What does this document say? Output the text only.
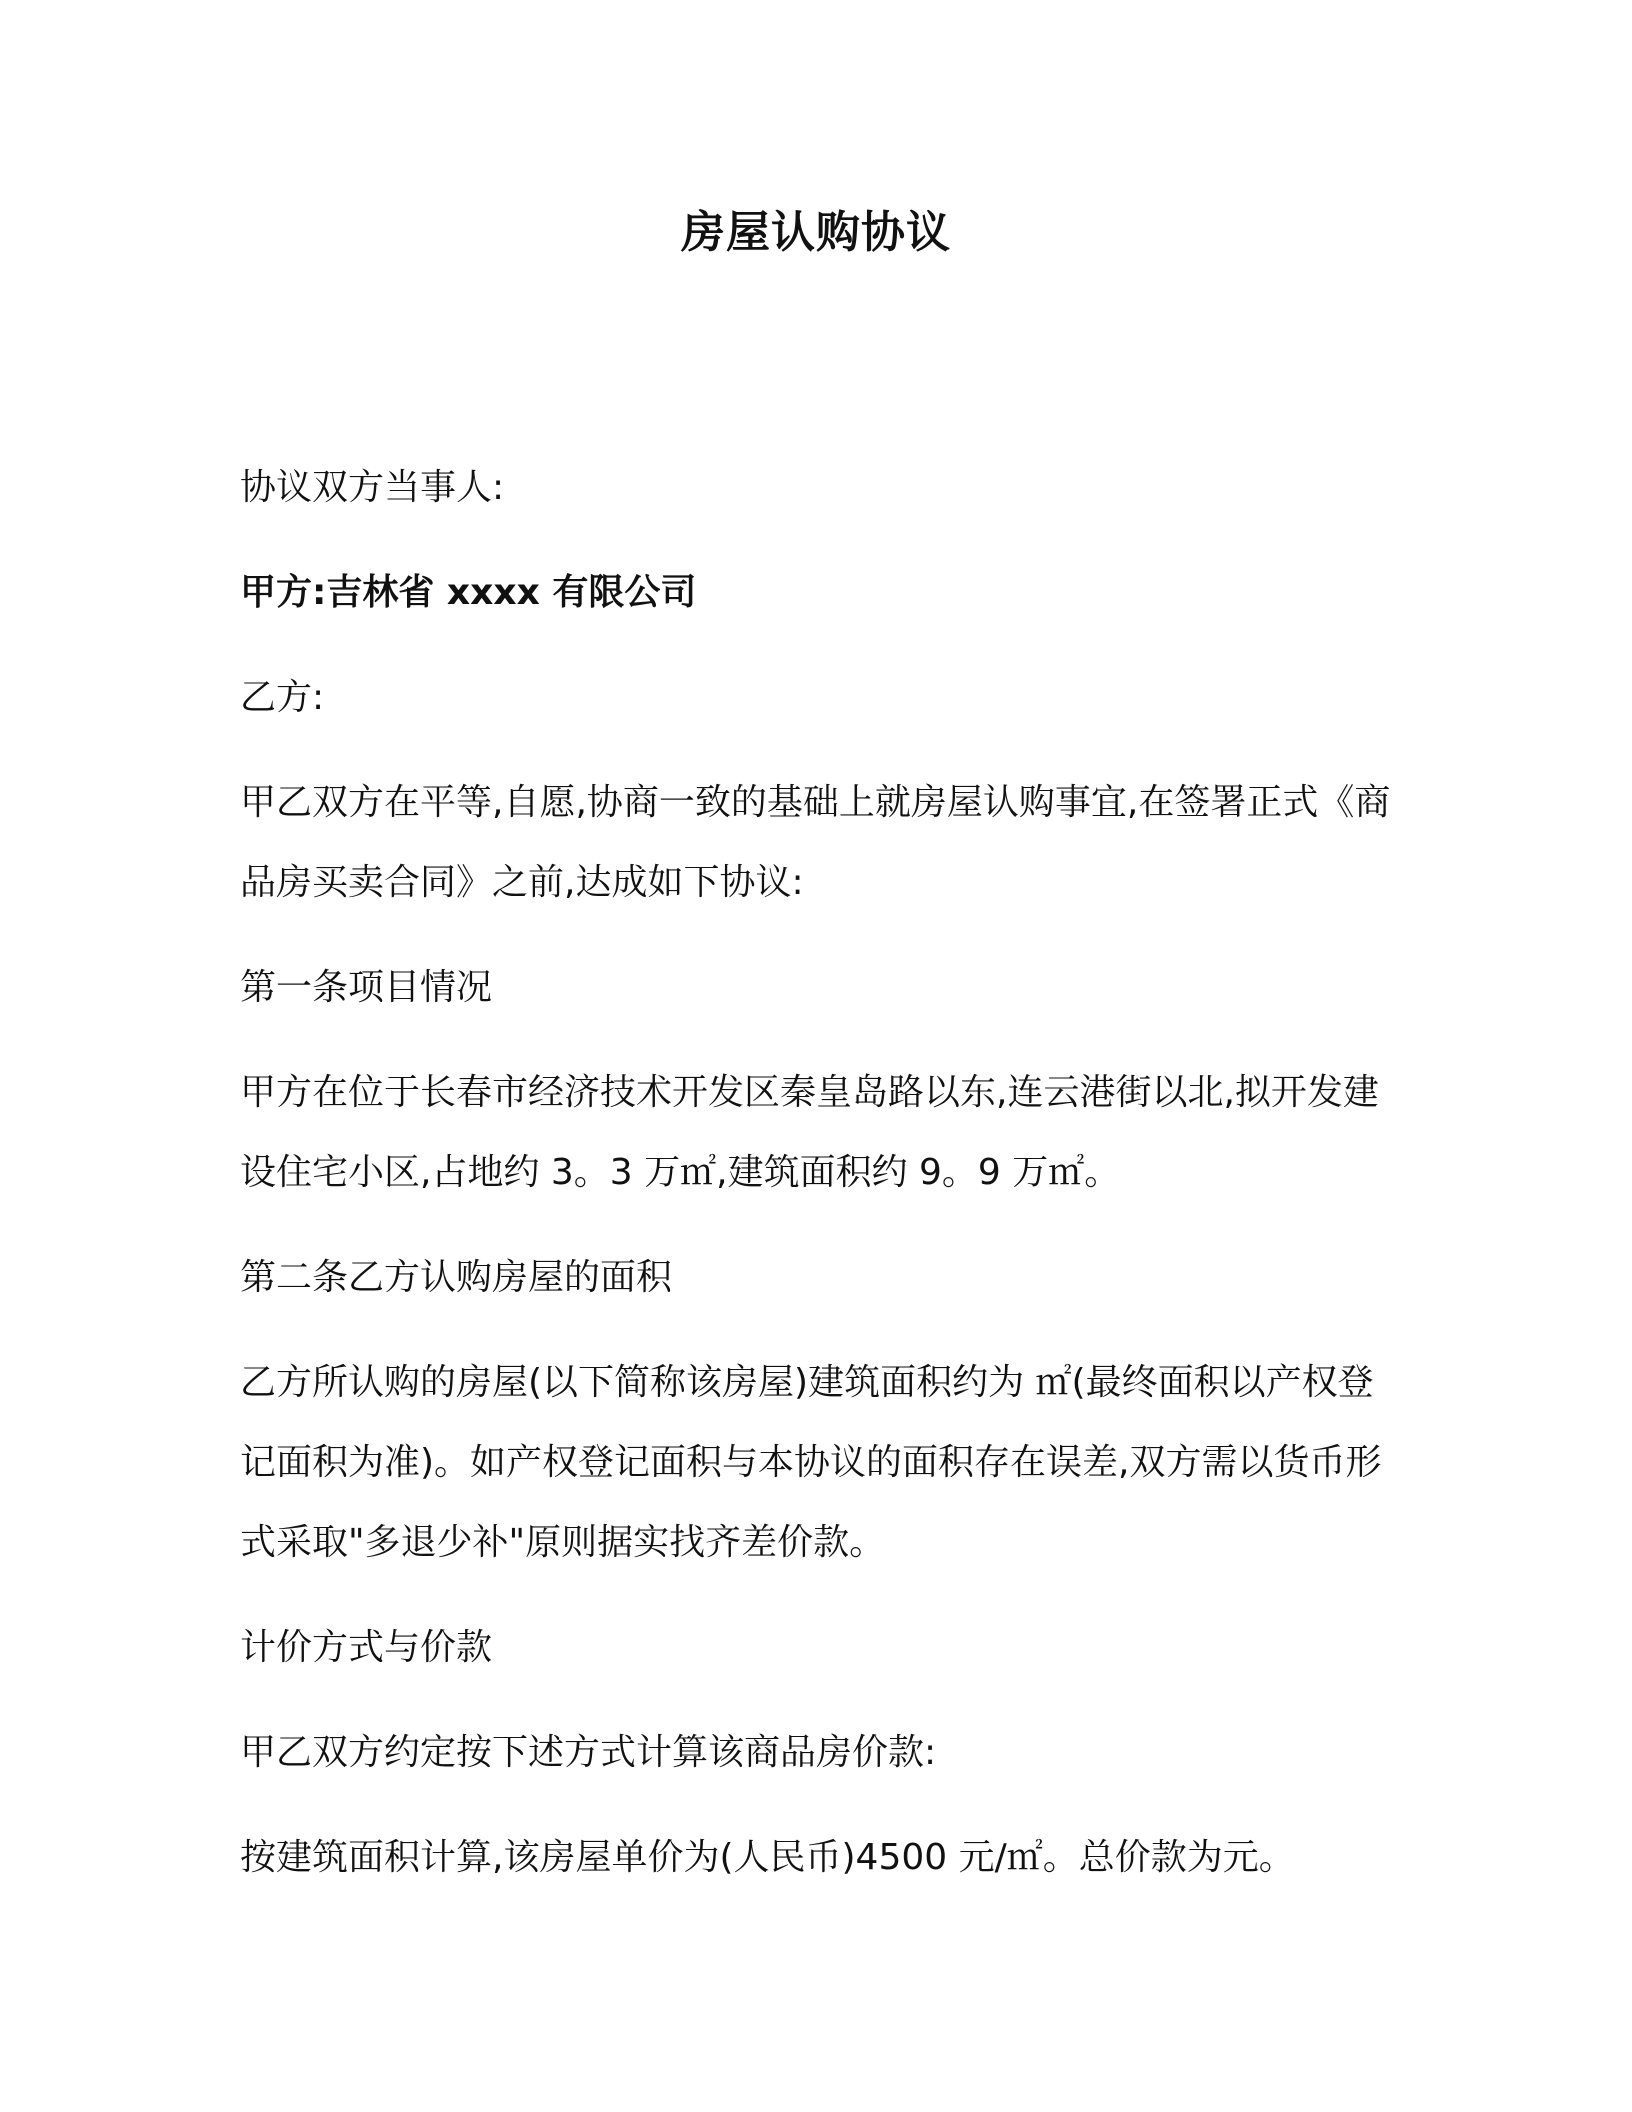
房屋认购协议

协议双方当事人:

甲方:吉林省 xxxx 有限公司

乙方:

甲乙双方在平等,自愿,协商一致的基础上就房屋认购事宜,在签署正式《商品房买卖合同》之前,达成如下协议:

第一条项目情况

甲方在位于长春市经济技术开发区秦皇岛路以东,连云港街以北,拟开发建设住宅小区,占地约 3。3 万㎡,建筑面积约 9。9 万㎡。

第二条乙方认购房屋的面积

乙方所认购的房屋(以下简称该房屋)建筑面积约为 ㎡(最终面积以产权登记面积为准)。如产权登记面积与本协议的面积存在误差,双方需以货币形式采取"多退少补"原则据实找齐差价款。

计价方式与价款

甲乙双方约定按下述方式计算该商品房价款:

按建筑面积计算,该房屋单价为(人民币)4500 元/㎡。总价款为元。
